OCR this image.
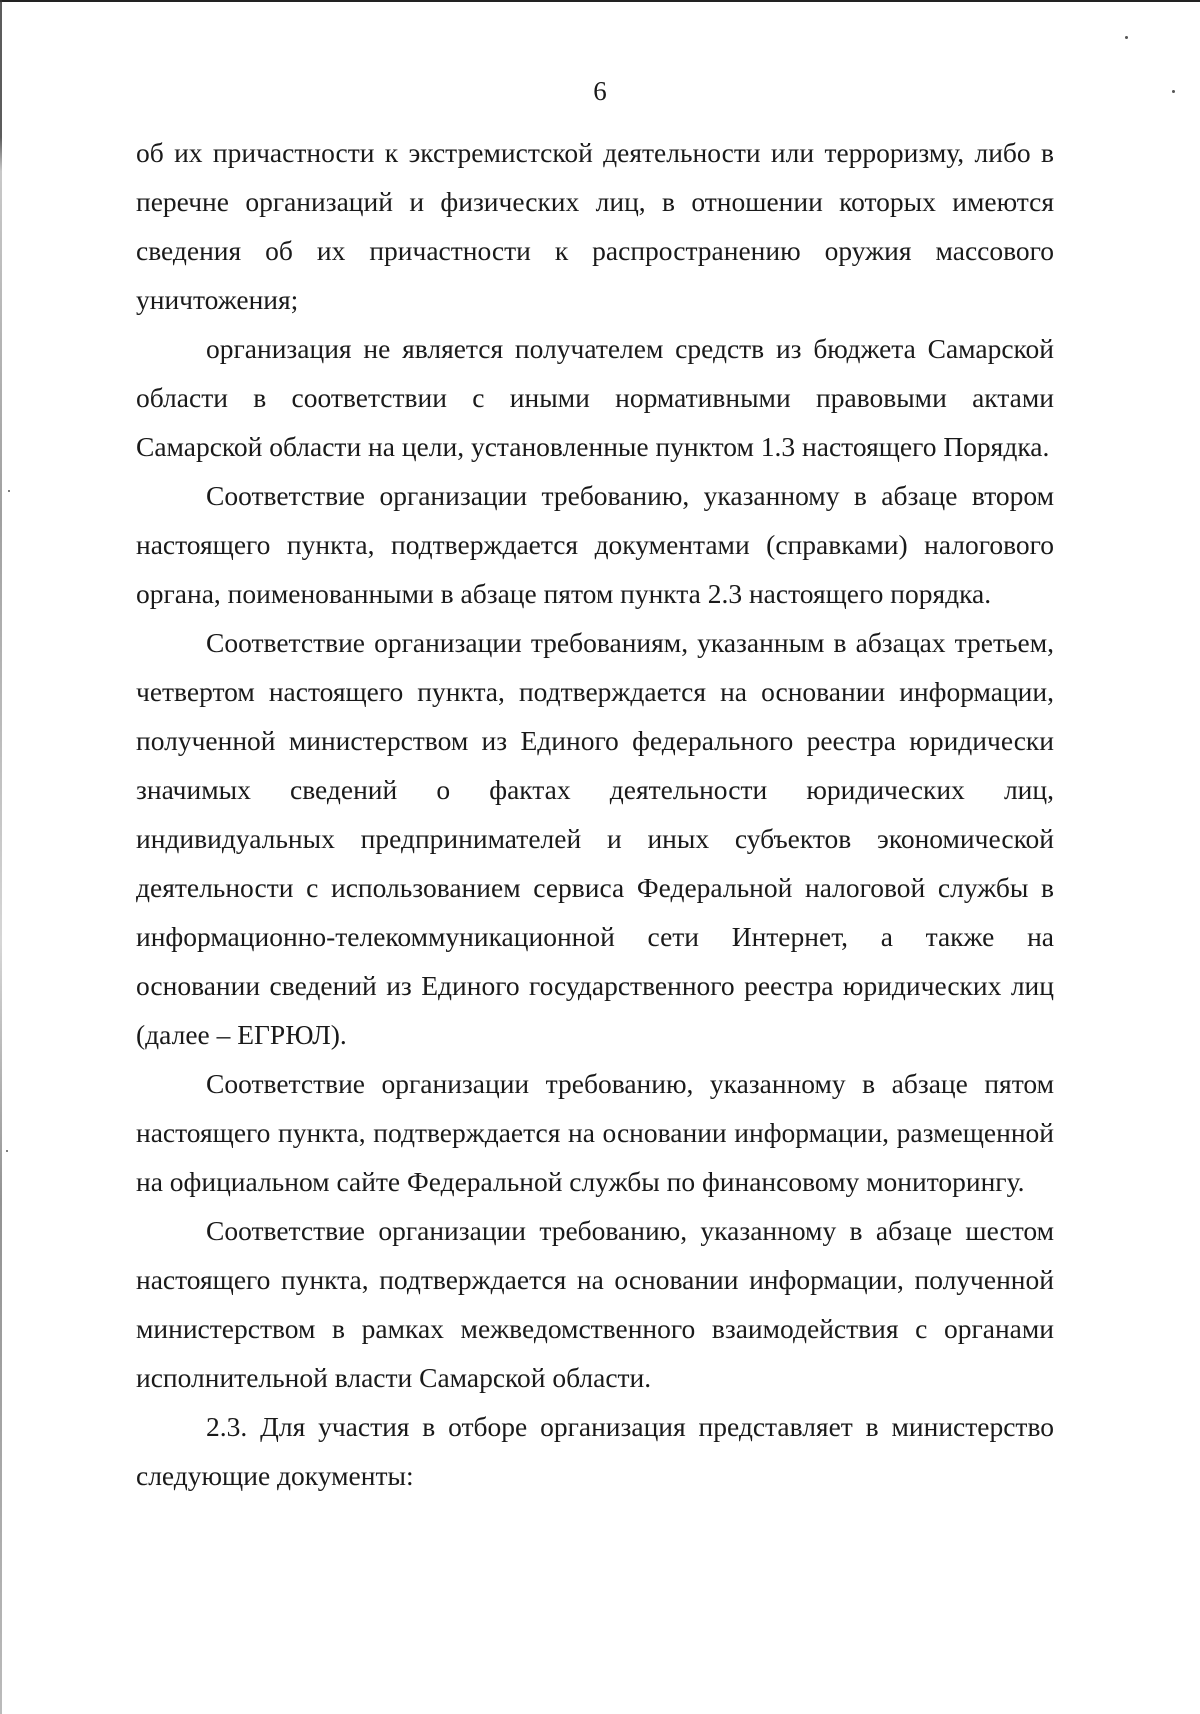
6

об их причастности к экстремистской деятельности или терроризму, либо в перечне организаций и физических лиц, в отношении которых имеются сведения об их причастности к распространению оружия массового уничтожения;

организация не является получателем средств из бюджета Самарской области в соответствии с иными нормативными правовыми актами Самарской области на цели, установленные пунктом 1.3 настоящего Порядка.

Соответствие организации требованию, указанному в абзаце втором настоящего пункта, подтверждается документами (справками) налогового органа, поименованными в абзаце пятом пункта 2.3 настоящего порядка.

Соответствие организации требованиям, указанным в абзацах третьем, четвертом настоящего пункта, подтверждается на основании информации, полученной министерством из Единого федерального реестра юридически значимых сведений о фактах деятельности юридических лиц, индивидуальных предпринимателей и иных субъектов экономической деятельности с использованием сервиса Федеральной налоговой службы в информационно-телекоммуникационной сети Интернет, а также на основании сведений из Единого государственного реестра юридических лиц (далее – ЕГРЮЛ).

Соответствие организации требованию, указанному в абзаце пятом настоящего пункта, подтверждается на основании информации, размещенной на официальном сайте Федеральной службы по финансовому мониторингу.

Соответствие организации требованию, указанному в абзаце шестом настоящего пункта, подтверждается на основании информации, полученной министерством в рамках межведомственного взаимодействия с органами исполнительной власти Самарской области.

2.3. Для участия в отборе организация представляет в министерство следующие документы:
